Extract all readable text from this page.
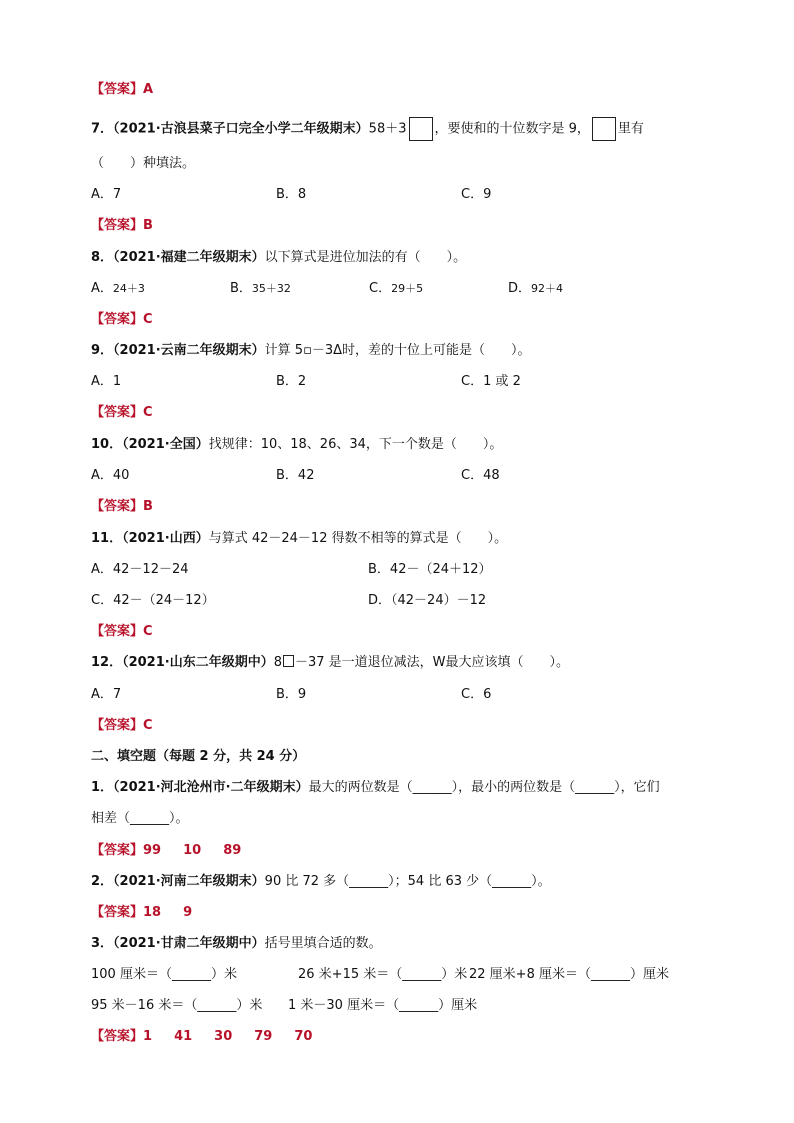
【答案】A
7．（2021·古浪县菜子口完全小学二年级期末）58＋3 ，要使和的十位数字是 9， 里有
（　　）种填法。
A．7	B．8	C．9
【答案】B
8．（2021·福建二年级期末）以下算式是进位加法的有（　　）。
A．24＋3	B．35＋32	C．29＋5	D．92＋4
【答案】C
9．（2021·云南二年级期末）计算 5▫－3Δ时，差的十位上可能是（　　）。
A．1	B．2	C．1 或 2
【答案】C
10．（2021·全国）找规律：10、18、26、34，下一个数是（　　）。
A．40	B．42	C．48
【答案】B
11．（2021·山西）与算式 42－24－12 得数不相等的算式是（　　）。
A．42－12－24	B．42－（24＋12）
C．42－（24－12）	D．（42－24）－12
【答案】C
12．（2021·山东二年级期中）8 －37 是一道退位减法，W最大应该填（　　）。
A．7	B．9	C．6
【答案】C
二、填空题（每题 2 分，共 24 分）
1．（2021·河北沧州市·二年级期末）最大的两位数是（______），最小的两位数是（______），它们
相差（______）。
【答案】99 10 89
2．（2021·河南二年级期末）90 比 72 多（______）；54 比 63 少（______）。
【答案】18 9
3．（2021·甘肃二年级期中）括号里填合适的数。
100 厘米＝（______）米	26 米+15 米＝（______）米 22 厘米+8 厘米＝（______）厘米
95 米－16 米＝（______）米 1 米－30 厘米＝（______）厘米
【答案】1 41 30 79 70
